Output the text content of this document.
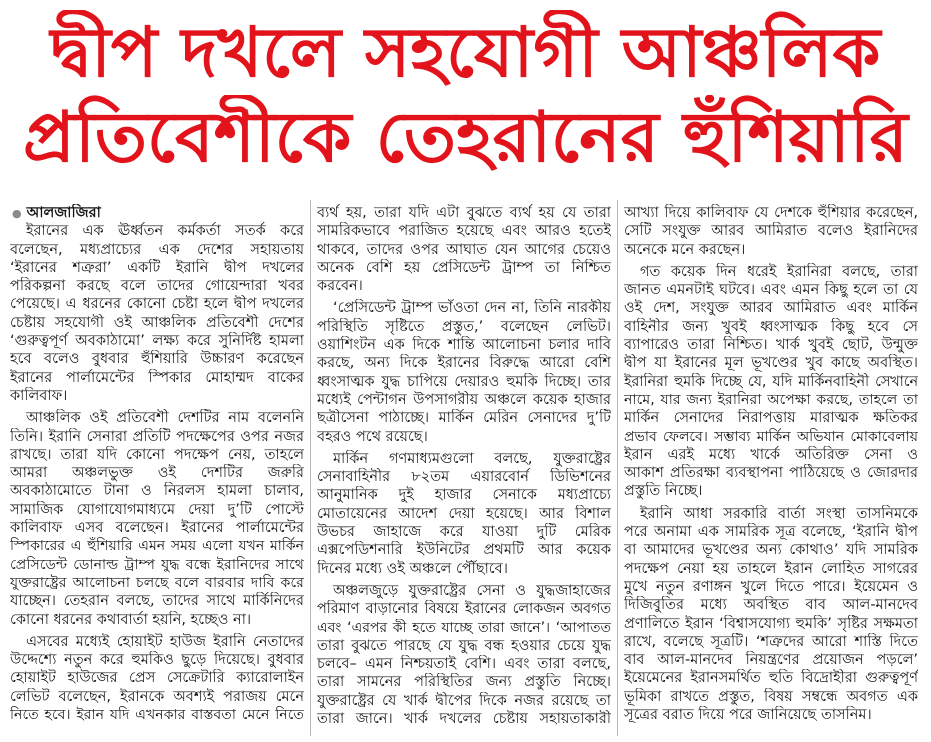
দ্বীপ দখলে সহযোগী আঞ্চলিক
প্রতিবেশীকে তেহরানের হুঁশিয়ারি
● আলজাজিরা
ইরানের এক ঊর্ধ্বতন কর্মকর্তা সতর্ক করে
বলেছেন, মধ্যপ্রাচ্যের এক দেশের সহায়তায়
‘ইরানের শত্রুরা’ একটি ইরানি দ্বীপ দখলের
পরিকল্পনা করছে বলে তাদের গোয়েন্দারা খবর
পেয়েছে। এ ধরনের কোনো চেষ্টা হলে দ্বীপ দখলের
চেষ্টায় সহযোগী ওই আঞ্চলিক প্রতিবেশী দেশের
‘গুরুত্বপূর্ণ অবকাঠামো’ লক্ষ্য করে সুনির্দিষ্ট হামলা
হবে বলেও বুধবার হুঁশিয়ারি উচ্চারণ করেছেন
ইরানের পার্লামেন্টের স্পিকার মোহাম্মদ বাকের
কালিবাফ।
আঞ্চলিক ওই প্রতিবেশী দেশটির নাম বলেননি
তিনি। ইরানি সেনারা প্রতিটি পদক্ষেপের ওপর নজর
রাখছে। তারা যদি কোনো পদক্ষেপ নেয়, তাহলে
আমরা অঞ্চলভুক্ত ওই দেশটির জরুরি
অবকাঠামোতে টানা ও নিরলস হামলা চালাব,
সামাজিক যোগাযোগমাধ্যমে দেয়া দু’টি পোস্টে
কালিবাফ এসব বলেছেন। ইরানের পার্লামেন্টের
স্পিকারের এ হুঁশিয়ারি এমন সময় এলো যখন মার্কিন
প্রেসিডেন্ট ডোনাল্ড ট্রাম্প যুদ্ধ বন্ধে ইরানিদের সাথে
যুক্তরাষ্ট্রের আলোচনা চলছে বলে বারবার দাবি করে
যাচ্ছেন। তেহরান বলছে, তাদের সাথে মার্কিনিদের
কোনো ধরনের কথাবার্তা হয়নি, হচ্ছেও না।
এসবের মধ্যেই হোয়াইট হাউজ ইরানি নেতাদের
উদ্দেশ্যে নতুন করে হুমকিও ছুড়ে দিয়েছে। বুধবার
হোয়াইট হাউজের প্রেস সেক্রেটারি ক্যারোলাইন
লেভিট বলেছেন, ইরানকে অবশ্যই পরাজয় মেনে
নিতে হবে। ইরান যদি এখনকার বাস্তবতা মেনে নিতে
ব্যর্থ হয়, তারা যদি এটা বুঝতে ব্যর্থ হয় যে তারা
সামরিকভাবে পরাজিত হয়েছে এবং আরও হতেই
থাকবে, তাদের ওপর আঘাত যেন আগের চেয়েও
অনেক বেশি হয় প্রেসিডেন্ট ট্রাম্প তা নিশ্চিত
করবেন।
‘প্রেসিডেন্ট ট্রাম্প ভাঁওতা দেন না, তিনি নারকীয়
পরিস্থিতি সৃষ্টিতে প্রস্তুত,’ বলেছেন লেভিট।
ওয়াশিংটন এক দিকে শান্তি আলোচনা চলার দাবি
করছে, অন্য দিকে ইরানের বিরুদ্ধে আরো বেশি
ধ্বংসাত্মক যুদ্ধ চাপিয়ে দেয়ারও হুমকি দিচ্ছে। তার
মধ্যেই পেন্টাগন উপসাগরীয় অঞ্চলে কয়েক হাজার
ছত্রীসেনা পাঠাচ্ছে। মার্কিন মেরিন সেনাদের দু’টি
বহরও পথে রয়েছে।
মার্কিন গণমাধ্যমগুলো বলছে, যুক্তরাষ্ট্রের
সেনাবাহিনীর ৮২তম এয়ারবোর্ন ডিভিশনের
আনুমানিক দুই হাজার সেনাকে মধ্যপ্রাচ্যে
মোতায়েনের আদেশ দেয়া হয়েছে। আর বিশাল
উভচর জাহাজে করে যাওয়া দুটি মেরিক
এক্সপেডিশনারি ইউনিটের প্রথমটি আর কয়েক
দিনের মধ্যে ওই অঞ্চলে পৌঁছাবে।
অঞ্চলজুড়ে যুক্তরাষ্ট্রের সেনা ও যুদ্ধজাহাজের
পরিমাণ বাড়ানোর বিষয়ে ইরানের লোকজন অবগত
এবং ‘এরপর কী হতে যাচ্ছে তারা জানে’। ‘আপাতত
তারা বুঝতে পারছে যে যুদ্ধ বন্ধ হওয়ার চেয়ে যুদ্ধ
চলবে– এমন নিশ্চয়তাই বেশি। এবং তারা বলছে,
তারা সামনের পরিস্থিতির জন্য প্রস্তুতি নিচ্ছে।
যুক্তরাষ্ট্রের যে খার্ক দ্বীপের দিকে নজর রয়েছে তা
তারা জানে। খার্ক দখলের চেষ্টায় সহায়তাকারী
আখ্যা দিয়ে কালিবাফ যে দেশকে হুঁশিয়ার করেছেন,
সেটি সংযুক্ত আরব আমিরাত বলেও ইরানিদের
অনেকে মনে করছেন।
গত কয়েক দিন ধরেই ইরানিরা বলছে, তারা
জানত এমনটাই ঘটবে। এবং এমন কিছু হলে তা যে
ওই দেশ, সংযুক্ত আরব আমিরাত এবং মার্কিন
বাহিনীর জন্য খুবই ধ্বংসাত্মক কিছু হবে সে
ব্যাপারেও তারা নিশ্চিত। খার্ক খুবই ছোট, উন্মুক্ত
দ্বীপ যা ইরানের মূল ভূখণ্ডের খুব কাছে অবস্থিত।
ইরানিরা হুমকি দিচ্ছে যে, যদি মার্কিনবাহিনী সেখানে
নামে, যার জন্য ইরানিরা অপেক্ষা করছে, তাহলে তা
মার্কিন সেনাদের নিরাপত্তায় মারাত্মক ক্ষতিকর
প্রভাব ফেলবে। সম্ভাব্য মার্কিন অভিযান মোকাবেলায়
ইরান এরই মধ্যে খার্কে অতিরিক্ত সেনা ও
আকাশ প্রতিরক্ষা ব্যবস্থাপনা পাঠিয়েছে ও জোরদার
প্রস্তুতি নিচ্ছে।
ইরানি আধা সরকারি বার্তা সংস্থা তাসনিমকে
পরে অনামা এক সামরিক সূত্র বলেছে, ‘ইরানি দ্বীপ
বা আমাদের ভূখণ্ডের অন্য কোথাও’ যদি সামরিক
পদক্ষেপ নেয়া হয় তাহলে ইরান লোহিত সাগরের
মুখে নতুন রণাঙ্গন খুলে দিতে পারে। ইয়েমেন ও
দিজিবুতির মধ্যে অবস্থিত বাব আল-মানদেব
প্রণালিতে ইরান ‘বিশ্বাসযোগ্য হুমকি’ সৃষ্টির সক্ষমতা
রাখে, বলেছে সূত্রটি। ‘শত্রুদের আরো শাস্তি দিতে
বাব আল-মানদেব নিয়ন্ত্রণের প্রয়োজন পড়লে’
ইয়েমেনের ইরানসমর্থিত হুতি বিদ্রোহীরা গুরুত্বপূর্ণ
ভূমিকা রাখতে প্রস্তুত, বিষয় সম্বন্ধে অবগত এক
সূত্রের বরাত দিয়ে পরে জানিয়েছে তাসনিম।
